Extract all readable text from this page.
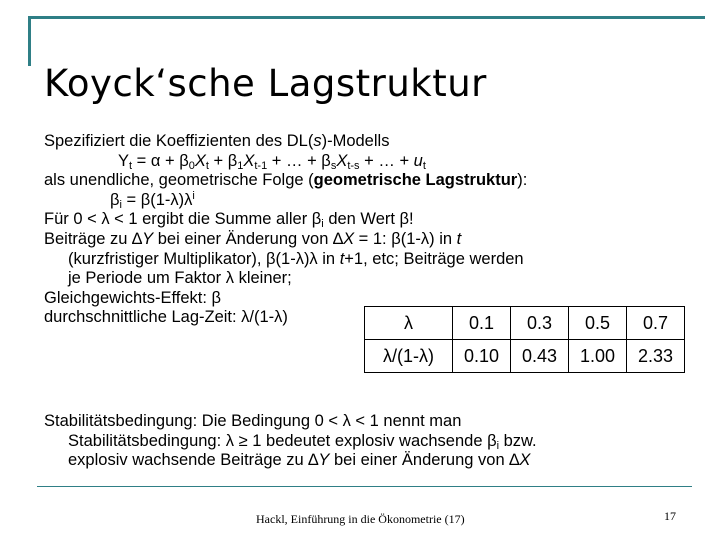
Koyck‘sche Lagstruktur
Spezifiziert die Koeffizienten des DL(s)-Modells
$Y_t = \alpha + \beta_0X_t + \beta_1X_{t-1}$ + … + $\beta_sX_{t-s}$ + … + $u_t$
als unendliche, geometrische Folge (geometrische Lagstruktur):
$\beta_i = \beta(1-\lambda)\lambda^i$
Für 0 < λ < 1 ergibt die Summe aller $\beta_i$ den Wert β!
Beiträge zu ∆Y bei einer Änderung von ∆X = 1: β(1-λ) in t
(kurzfristiger Multiplikator), β(1-λ)λ in t+1, etc; Beiträge werden
je Periode um Faktor λ kleiner;
Gleichgewichts-Effekt: β
durchschnittliche Lag-Zeit: λ/(1-λ)	λ	0.1	0.3	0.5	0.7
λ/(1-λ)	0.10	0.43	1.00	2.33
Stabilitätsbedingung: Die Bedingung 0 < λ < 1 nennt man
Stabilitätsbedingung: λ ≥ 1 bedeutet explosiv wachsende $\beta_i$ bzw.
explosiv wachsende Beiträge zu ∆Y bei einer Änderung von ∆X
Hackl, Einführung in die Ökonometrie (17)	17
